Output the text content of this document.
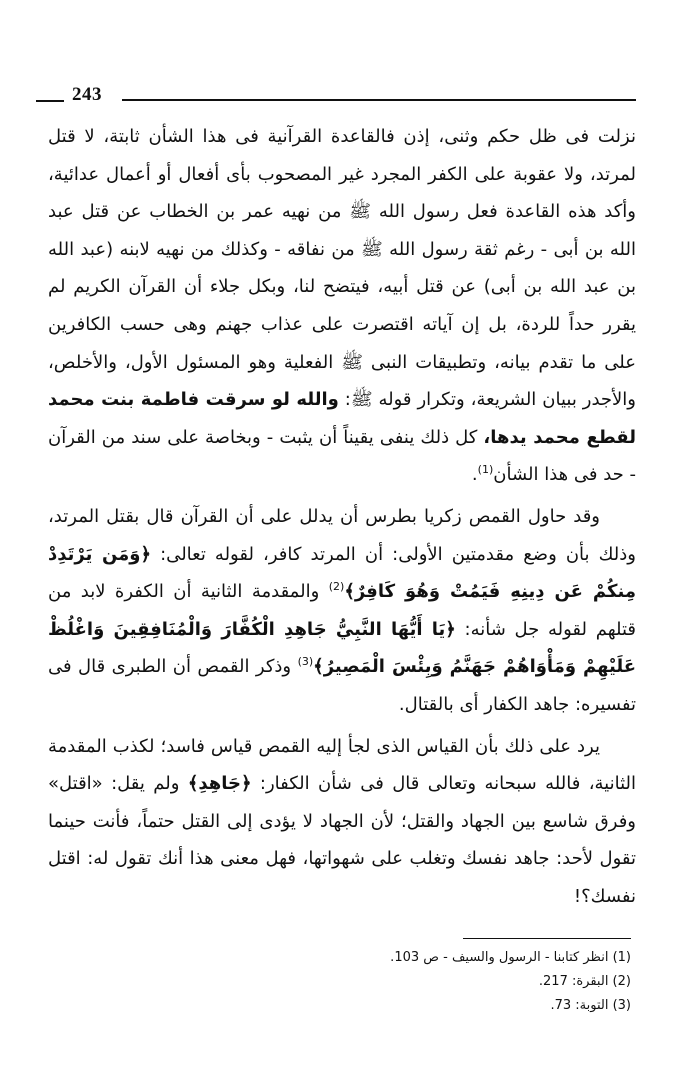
243

نزلت فى ظل حكم وثنى، إذن فالقاعدة القرآنية فى هذا الشأن ثابتة، لا قتل لمرتد، ولا عقوبة على الكفر المجرد غير المصحوب بأى أفعال أو أعمال عدائية، وأكد هذه القاعدة فعل رسول الله ﷺ من نهيه عمر بن الخطاب عن قتل عبد الله بن أبى - رغم ثقة رسول الله ﷺ من نفاقه - وكذلك من نهيه لابنه (عبد الله بن عبد الله بن أبى) عن قتل أبيه، فيتضح لنا، وبكل جلاء أن القرآن الكريم لم يقرر حداً للردة، بل إن آياته اقتصرت على عذاب جهنم وهى حسب الكافرين على ما تقدم بيانه، وتطبيقات النبى ﷺ الفعلية وهو المسئول الأول، والأخلص، والأجدر ببيان الشريعة، وتكرار قوله ﷺ: والله لو سرقت فاطمة بنت محمد لقطع محمد يدها، كل ذلك ينفى يقيناً أن يثبت - وبخاصة على سند من القرآن - حد فى هذا الشأن$^{(1)}$.

وقد حاول القمص زكريا بطرس أن يدلل على أن القرآن قال بقتل المرتد، وذلك بأن وضع مقدمتين الأولى: أن المرتد كافر، لقوله تعالى: ﴿وَمَن يَرْتَدِدْ مِنكُمْ عَن دِينِهِ فَيَمُتْ وَهُوَ كَافِرٌ﴾$^{(2)}$ والمقدمة الثانية أن الكفرة لابد من قتلهم لقوله جل شأنه: ﴿يَا أَيُّهَا النَّبِيُّ جَاهِدِ الْكُفَّارَ وَالْمُنَافِقِينَ وَاغْلُظْ عَلَيْهِمْ وَمَأْوَاهُمْ جَهَنَّمُ وَبِئْسَ الْمَصِيرُ﴾$^{(3)}$ وذكر القمص أن الطبرى قال فى تفسيره: جاهد الكفار أى بالقتال.

يرد على ذلك بأن القياس الذى لجأ إليه القمص قياس فاسد؛ لكذب المقدمة الثانية، فالله سبحانه وتعالى قال فى شأن الكفار: ﴿جَاهِدِ﴾ ولم يقل: «اقتل» وفرق شاسع بين الجهاد والقتل؛ لأن الجهاد لا يؤدى إلى القتل حتماً، فأنت حينما تقول لأحد: جاهد نفسك وتغلب على شهواتها، فهل معنى هذا أنك تقول له: اقتل نفسك؟!

(1) انظر كتابنا - الرسول والسيف - ص 103.
(2) البقرة: 217.
(3) التوبة: 73.
